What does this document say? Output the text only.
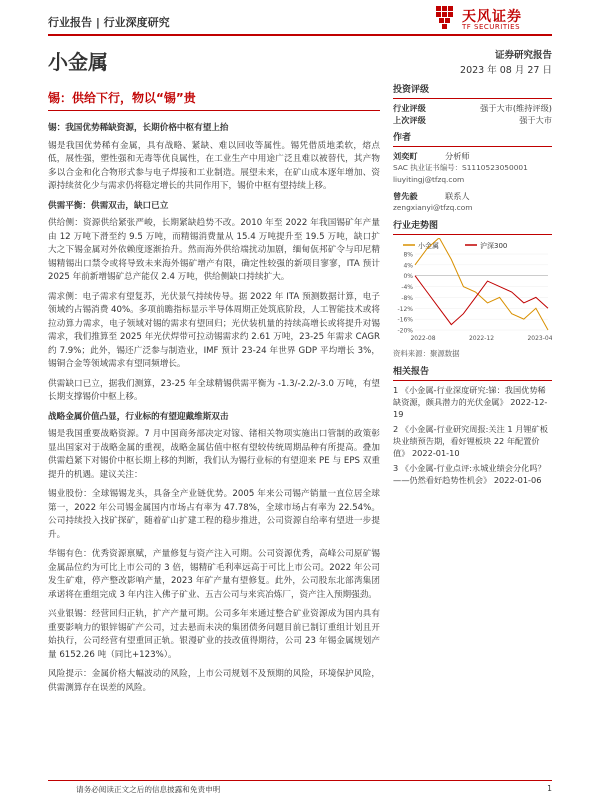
行业报告 | 行业深度研究	天风证券
TF SECURITIES
小金属	证券研究报告
2023 年 08 月 27 日
锡：供给下行，物以“锡”贵
锡：我国优势稀缺资源，长期价格中枢有望上抬

锡是我国优势稀有金属，具有战略、紧缺、难以回收等属性。锡凭借质地柔软，熔点低，展性强，塑性强和无毒等优良属性，在工业生产中用途广泛且难以被替代，其产物多以合金和化合物形式参与电子焊接和工业制造。展望未来，在矿山成本逐年增加、资源持续贫化少与需求仍将稳定增长的共同作用下，锡价中枢有望持续上移。

供需平衡：供需双击，缺口已立

供给侧：资源供给紧张严峻，长期紧缺趋势不改。2010 年至 2022 年我国锡矿年产量由 12 万吨下滑至约 9.5 万吨，而精锡消费量从 15.4 万吨提升至 19.5 万吨，缺口扩大之下锡金属对外依赖度逐渐抬升。然而海外供给端扰动加剧，缅甸佤邦矿令与印尼精锡精锡出口禁令或将导致未来海外锡矿增产有限，确定性较强的新项目寥寥，ITA 预计 2025 年前新增锡矿总产能仅 2.4 万吨，供给侧缺口持续扩大。

需求侧：电子需求有望复苏，光伏景气持续传导。据 2022 年 ITA 预测数据计算，电子领域约占锡消费 40%。多项前瞻指标显示半导体周期正处筑底阶段，人工智能技术或将拉动算力需求，电子领域对锡的需求有望回归；光伏装机量的持续高增长或将提升对锡需求，我们推算至 2025 年光伏焊带可拉动锡需求约 2.61 万吨，23-25 年需求 CAGR 约 7.9%；此外，锡还广泛参与制造业，IMF 预计 23-24 年世界 GDP 平均增长 3%，锡铜合金等领域需求有望同频增长。

供需缺口已立，据我们测算，23-25 年全球精锡供需平衡为 -1.3/-2.2/-3.0 万吨，有望长期支撑锡价中枢上移。

战略金属价值凸显，行业标的有望迎戴维斯双击

锡是我国重要战略资源。7 月中国商务部决定对镓、锗相关物项实施出口管制的政策彰显出国家对于战略金属的重视，战略金属估值中枢有望较传统周期品种有所提高。叠加供需趋紧下对锡价中枢长期上移的判断，我们认为锡行业标的有望迎来 PE 与 EPS 双重提升的机遇。建议关注：

锡业股份：全球锡锡龙头，具备全产业链优势。2005 年来公司锡产销量一直位居全球第一，2022 年公司锡金属国内市场占有率为 47.78%，全球市场占有率为 22.54%。公司持续投入找矿探矿，随着矿山扩建工程的稳步推进，公司资源自给率有望进一步提升。

华锡有色：优秀资源禀赋，产量修复与资产注入可期。公司资源优秀，高峰公司原矿锡金属品位约为可比上市公司的 3 倍，锡精矿毛利率远高于可比上市公司。2022 年公司发生矿难，停产整改影响产量，2023 年矿产量有望修复。此外，公司股东北部湾集团承诺将在重组完成 3 年内注入佛子矿业、五吉公司与来宾冶炼厂，资产注入预期强劲。

兴业银锡：经营回归正轨，扩产产量可期。公司多年来通过整合矿业资源成为国内具有重要影响力的银锌锡矿产公司，过去悬而未决的集团债务问题目前已制订重组计划且开始执行，公司经营有望重回正轨。银漫矿业的技改值得期待，公司 23 年锡金属规划产量 6152.26 吨（同比+123%）。

风险提示：金属价格大幅波动的风险，上市公司规划不及预期的风险，环境保护风险，供需测算存在误差的风险。

投资评级
行业评级	强于大市(维持评级)
上次评级	强于大市
作者
刘奕町	分析师
SAC 执业证书编号：S1110523050001
liuyitingj@tfzq.com
曾先毅	联系人
zengxianyi@tfzq.com
行业走势图
小金属	沪深300
8%
4%
0%
-4%
-8%
-12%
-16%
-20%
2022-08	2022-12	2023-04
资料来源：聚源数据
相关报告

1 《小金属-行业深度研究:锑：我国优势稀缺资源，颇具潜力的光伏金属》 2022-12-19

2 《小金属-行业研究周报:关注 1 月锂矿板块业绩预告期，看好锂板块 22 年配置价值》 2022-01-10

3 《小金属-行业点评:永城业绩会分化吗？——仍然看好趋势性机会》 2022-01-06

请务必阅读正文之后的信息披露和免责申明	1
